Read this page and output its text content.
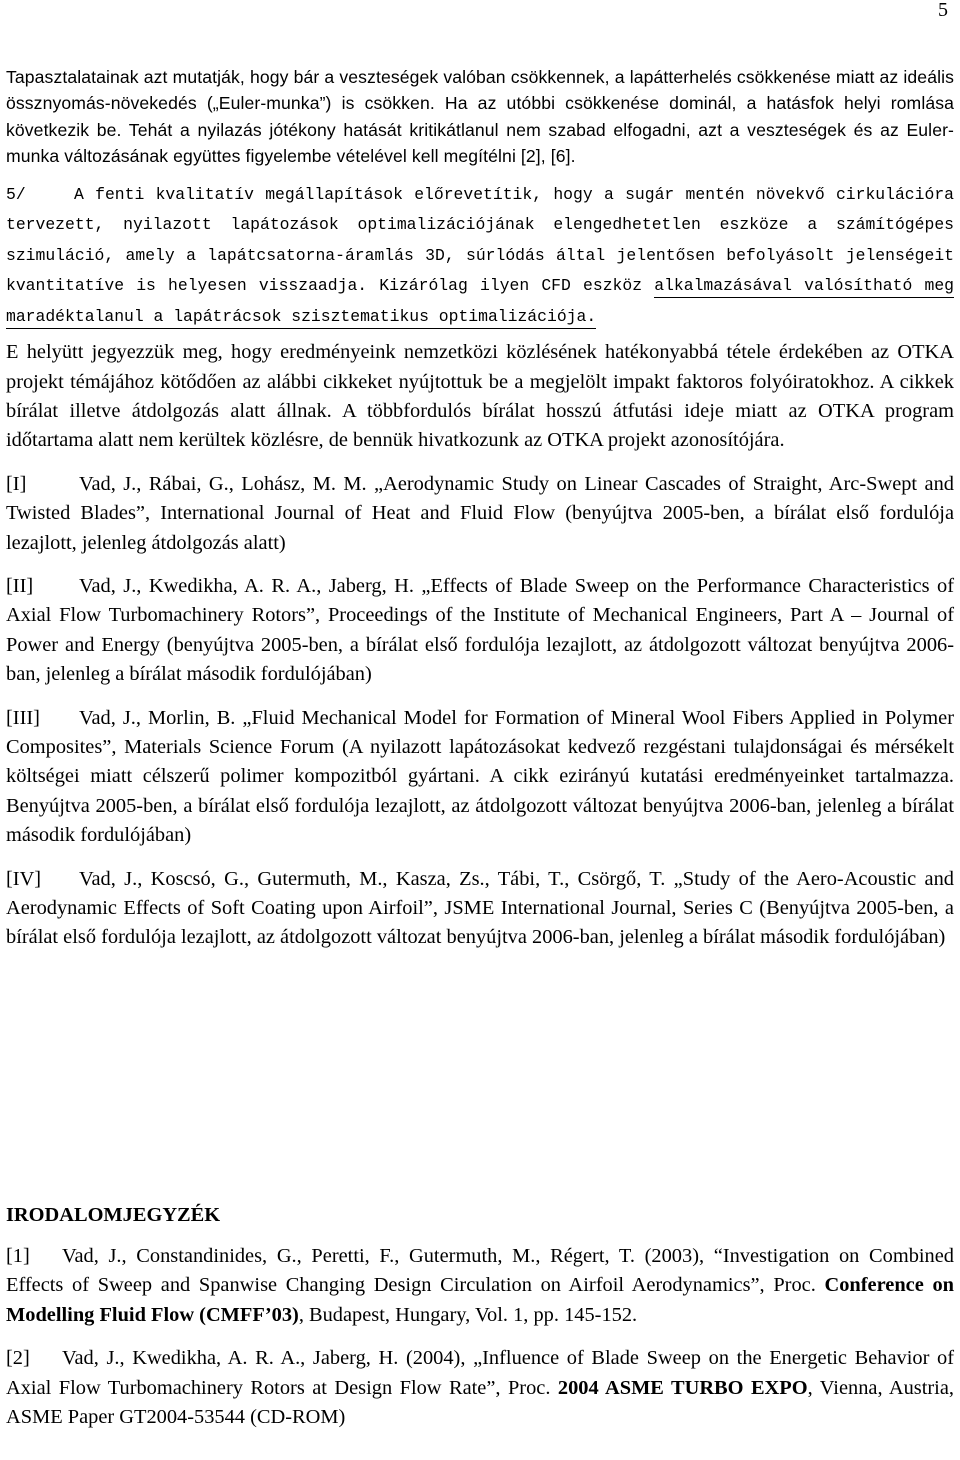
5

Tapasztalatainak azt mutatják, hogy bár a veszteségek valóban csökkennek, a lapátterhelés csökkenése miatt az ideális össznyomás-növekedés („Euler-munka”) is csökken. Ha az utóbbi csökkenése dominál, a hatásfok helyi romlása következik be. Tehát a nyilazás jótékony hatását kritikátlanul nem szabad elfogadni, azt a veszteségek és az Euler-munka változásának együttes figyelembe vételével kell megítélni [2], [6].

5/	A fenti kvalitatív megállapítások előrevetítik, hogy a sugár mentén növekvő cirkulációra tervezett, nyilazott lapátozások optimalizációjának elengedhetetlen eszköze a számítógépes szimuláció, amely a lapátcsatorna-áramlás 3D, súrlódás által jelentősen befolyásolt jelenségeit kvantitatíve is helyesen visszaadja. Kizárólag ilyen CFD eszköz alkalmazásával valósítható meg maradéktalanul a lapátrácsok szisztematikus optimalizációja.

E helyütt jegyezzük meg, hogy eredményeink nemzetközi közlésének hatékonyabbá tétele érdekében az OTKA projekt témájához kötődően az alábbi cikkeket nyújtottuk be a megjelölt impakt faktoros folyóiratokhoz. A cikkek bírálat illetve átdolgozás alatt állnak. A többfordulós bírálat hosszú átfutási ideje miatt az OTKA program időtartama alatt nem kerültek közlésre, de bennük hivatkozunk az OTKA projekt azonosítójára.

[I]	Vad, J., Rábai, G., Lohász, M. M. „Aerodynamic Study on Linear Cascades of Straight, Arc-Swept and Twisted Blades”, International Journal of Heat and Fluid Flow (benyújtva 2005-ben, a bírálat első fordulója lezajlott, jelenleg átdolgozás alatt)

[II] Vad, J., Kwedikha, A. R. A., Jaberg, H. „Effects of Blade Sweep on the Performance Characteristics of Axial Flow Turbomachinery Rotors”, Proceedings of the Institute of Mechanical Engineers, Part A – Journal of Power and Energy (benyújtva 2005-ben, a bírálat első fordulója lezajlott, az átdolgozott változat benyújtva 2006-ban, jelenleg a bírálat második fordulójában)

[III] Vad, J., Morlin, B. „Fluid Mechanical Model for Formation of Mineral Wool Fibers Applied in Polymer Composites”, Materials Science Forum (A nyilazott lapátozásokat kedvező rezgéstani tulajdonságai és mérsékelt költségei miatt célszerű polimer kompozitból gyártani. A cikk ezirányú kutatási eredményeinket tartalmazza. Benyújtva 2005-ben, a bírálat első fordulója lezajlott, az átdolgozott változat benyújtva 2006-ban, jelenleg a bírálat második fordulójában)

[IV] Vad, J., Koscsó, G., Gutermuth, M., Kasza, Zs., Tábi, T., Csörgő, T. „Study of the Aero-Acoustic and Aerodynamic Effects of Soft Coating upon Airfoil”, JSME International Journal, Series C (Benyújtva 2005-ben, a bírálat első fordulója lezajlott, az átdolgozott változat benyújtva 2006-ban, jelenleg a bírálat második fordulójában)

IRODALOMJEGYZÉK

[1] Vad, J., Constandinides, G., Peretti, F., Gutermuth, M., Régert, T. (2003), “Investigation on Combined Effects of Sweep and Spanwise Changing Design Circulation on Airfoil Aerodynamics”, Proc. Conference on Modelling Fluid Flow (CMFF’03), Budapest, Hungary, Vol. 1, pp. 145-152.

[2] Vad, J., Kwedikha, A. R. A., Jaberg, H. (2004), „Influence of Blade Sweep on the Energetic Behavior of Axial Flow Turbomachinery Rotors at Design Flow Rate”, Proc. 2004 ASME TURBO EXPO, Vienna, Austria, ASME Paper GT2004-53544 (CD-ROM)
